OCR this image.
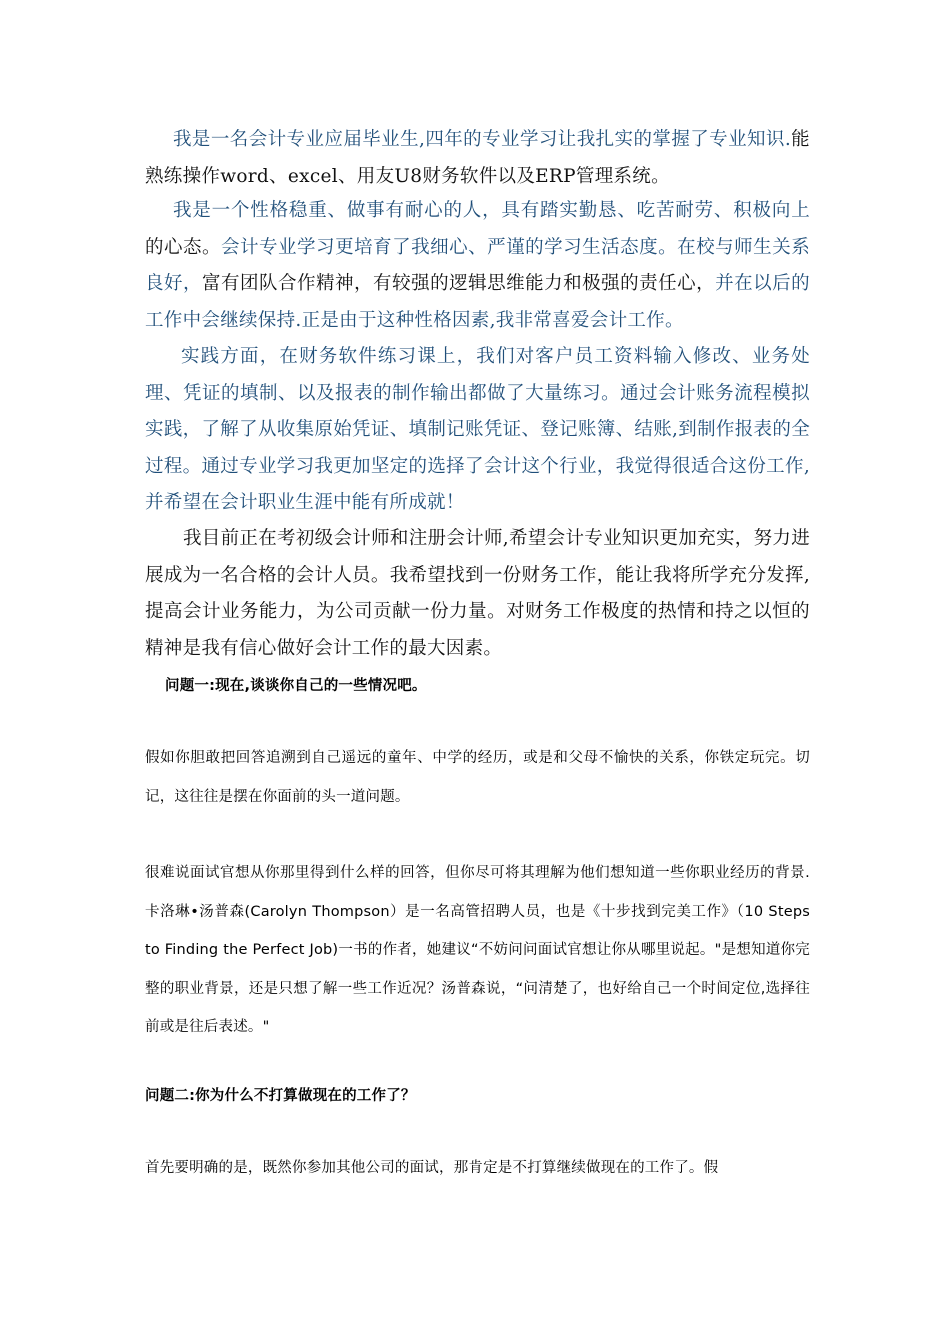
我是一名会计专业应届毕业生,四年的专业学习让我扎实的掌握了专业知识.能熟练操作word、excel、用友U8财务软件以及ERP管理系统。

我是一个性格稳重、做事有耐心的人，具有踏实勤恳、吃苦耐劳、积极向上的心态。会计专业学习更培育了我细心、严谨的学习生活态度。在校与师生关系良好，富有团队合作精神，有较强的逻辑思维能力和极强的责任心，并在以后的工作中会继续保持.正是由于这种性格因素,我非常喜爱会计工作。

实践方面，在财务软件练习课上，我们对客户员工资料输入修改、业务处理、凭证的填制、以及报表的制作输出都做了大量练习。通过会计账务流程模拟实践，了解了从收集原始凭证、填制记账凭证、登记账簿、结账,到制作报表的全过程。通过专业学习我更加坚定的选择了会计这个行业，我觉得很适合这份工作,并希望在会计职业生涯中能有所成就！

我目前正在考初级会计师和注册会计师,希望会计专业知识更加充实，努力进展成为一名合格的会计人员。我希望找到一份财务工作，能让我将所学充分发挥,提高会计业务能力，为公司贡献一份力量。对财务工作极度的热情和持之以恒的精神是我有信心做好会计工作的最大因素。

问题一:现在,谈谈你自己的一些情况吧。

假如你胆敢把回答追溯到自己遥远的童年、中学的经历，或是和父母不愉快的关系，你铁定玩完。切记，这往往是摆在你面前的头一道问题。

很难说面试官想从你那里得到什么样的回答，但你尽可将其理解为他们想知道一些你职业经历的背景.卡洛琳•汤普森(Carolyn Thompson）是一名高管招聘人员，也是《十步找到完美工作》（10 Steps to Finding the Perfect Job)一书的作者，她建议“不妨问问面试官想让你从哪里说起。"是想知道你完整的职业背景，还是只想了解一些工作近况？汤普森说，“问清楚了，也好给自己一个时间定位,选择往前或是往后表述。"

问题二:你为什么不打算做现在的工作了？

首先要明确的是，既然你参加其他公司的面试，那肯定是不打算继续做现在的工作了。假
